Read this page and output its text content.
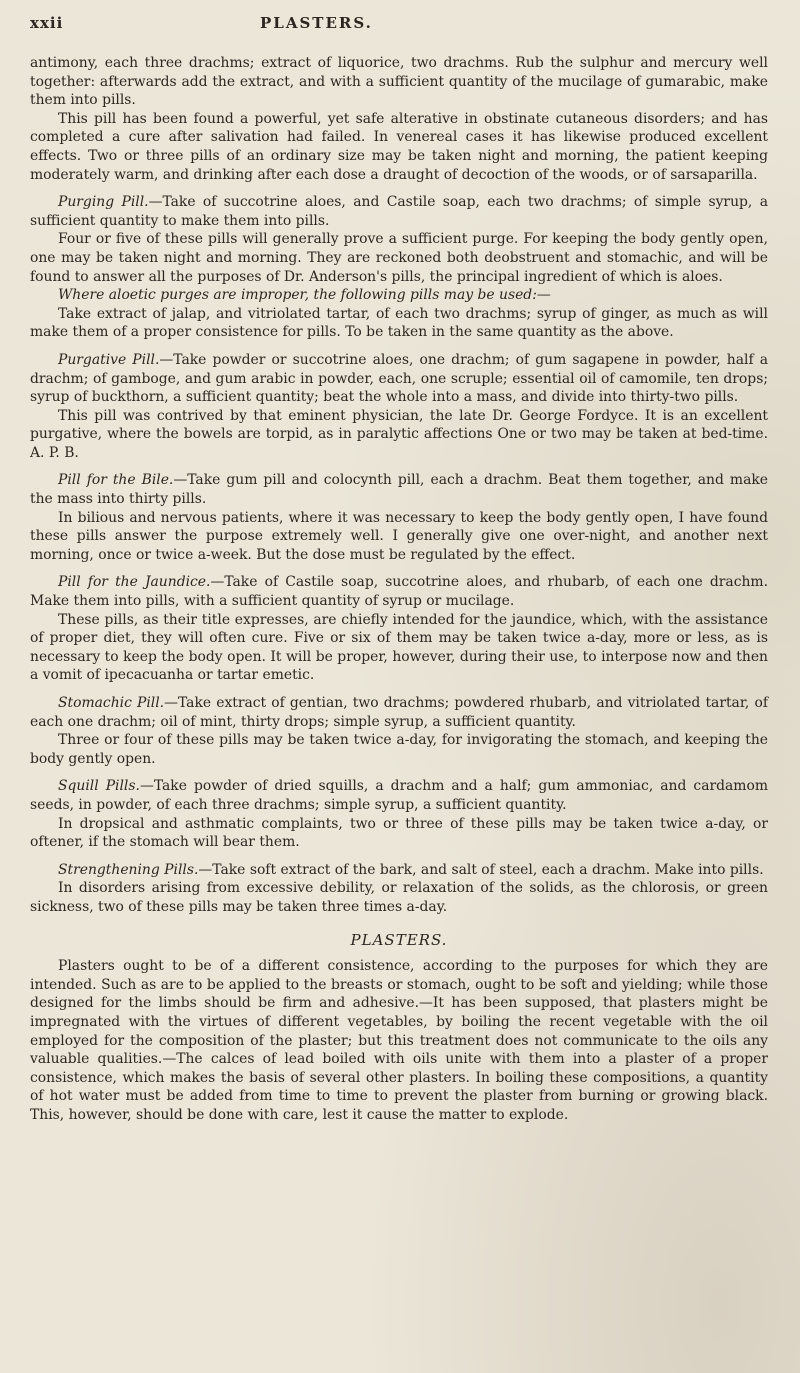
xxii	PLASTERS.

antimony, each three drachms; extract of liquorice, two drachms. Rub the sulphur and mercury well together: afterwards add the extract, and with a sufficient quantity of the mucilage of gumarabic, make them into pills.

This pill has been found a powerful, yet safe alterative in obstinate cutaneous disorders; and has completed a cure after salivation had failed. In venereal cases it has likewise produced excellent effects. Two or three pills of an ordinary size may be taken night and morning, the patient keeping moderately warm, and drinking after each dose a draught of decoction of the woods, or of sarsaparilla.

Purging Pill.—Take of succotrine aloes, and Castile soap, each two drachms; of simple syrup, a sufficient quantity to make them into pills.

Four or five of these pills will generally prove a sufficient purge. For keeping the body gently open, one may be taken night and morning. They are reckoned both deobstruent and stomachic, and will be found to answer all the purposes of Dr. Anderson's pills, the principal ingredient of which is aloes.

Where aloetic purges are improper, the following pills may be used:—

Take extract of jalap, and vitriolated tartar, of each two drachms; syrup of ginger, as much as will make them of a proper consistence for pills. To be taken in the same quantity as the above.

Purgative Pill.—Take powder or succotrine aloes, one drachm; of gum sagapene in powder, half a drachm; of gamboge, and gum arabic in powder, each, one scruple; essential oil of camomile, ten drops; syrup of buckthorn, a sufficient quantity; beat the whole into a mass, and divide into thirty-two pills.

This pill was contrived by that eminent physician, the late Dr. George Fordyce. It is an excellent purgative, where the bowels are torpid, as in paralytic affections One or two may be taken at bed-time. A. P. B.

Pill for the Bile.—Take gum pill and colocynth pill, each a drachm. Beat them together, and make the mass into thirty pills.

In bilious and nervous patients, where it was necessary to keep the body gently open, I have found these pills answer the purpose extremely well. I generally give one over-night, and another next morning, once or twice a-week. But the dose must be regulated by the effect.

Pill for the Jaundice.—Take of Castile soap, succotrine aloes, and rhubarb, of each one drachm. Make them into pills, with a sufficient quantity of syrup or mucilage.

These pills, as their title expresses, are chiefly intended for the jaundice, which, with the assistance of proper diet, they will often cure. Five or six of them may be taken twice a-day, more or less, as is necessary to keep the body open. It will be proper, however, during their use, to interpose now and then a vomit of ipecacuanha or tartar emetic.

Stomachic Pill.—Take extract of gentian, two drachms; powdered rhubarb, and vitriolated tartar, of each one drachm; oil of mint, thirty drops; simple syrup, a sufficient quantity.

Three or four of these pills may be taken twice a-day, for invigorating the stomach, and keeping the body gently open.

Squill Pills.—Take powder of dried squills, a drachm and a half; gum ammoniac, and cardamom seeds, in powder, of each three drachms; simple syrup, a sufficient quantity.

In dropsical and asthmatic complaints, two or three of these pills may be taken twice a-day, or oftener, if the stomach will bear them.

Strengthening Pills.—Take soft extract of the bark, and salt of steel, each a drachm. Make into pills.

In disorders arising from excessive debility, or relaxation of the solids, as the chlorosis, or green sickness, two of these pills may be taken three times a-day.

PLASTERS.

Plasters ought to be of a different consistence, according to the purposes for which they are intended. Such as are to be applied to the breasts or stomach, ought to be soft and yielding; while those designed for the limbs should be firm and adhesive.—It has been supposed, that plasters might be impregnated with the virtues of different vegetables, by boiling the recent vegetable with the oil employed for the composition of the plaster; but this treatment does not communicate to the oils any valuable qualities.—The calces of lead boiled with oils unite with them into a plaster of a proper consistence, which makes the basis of several other plasters. In boiling these compositions, a quantity of hot water must be added from time to time to prevent the plaster from burning or growing black. This, however, should be done with care, lest it cause the matter to explode.
